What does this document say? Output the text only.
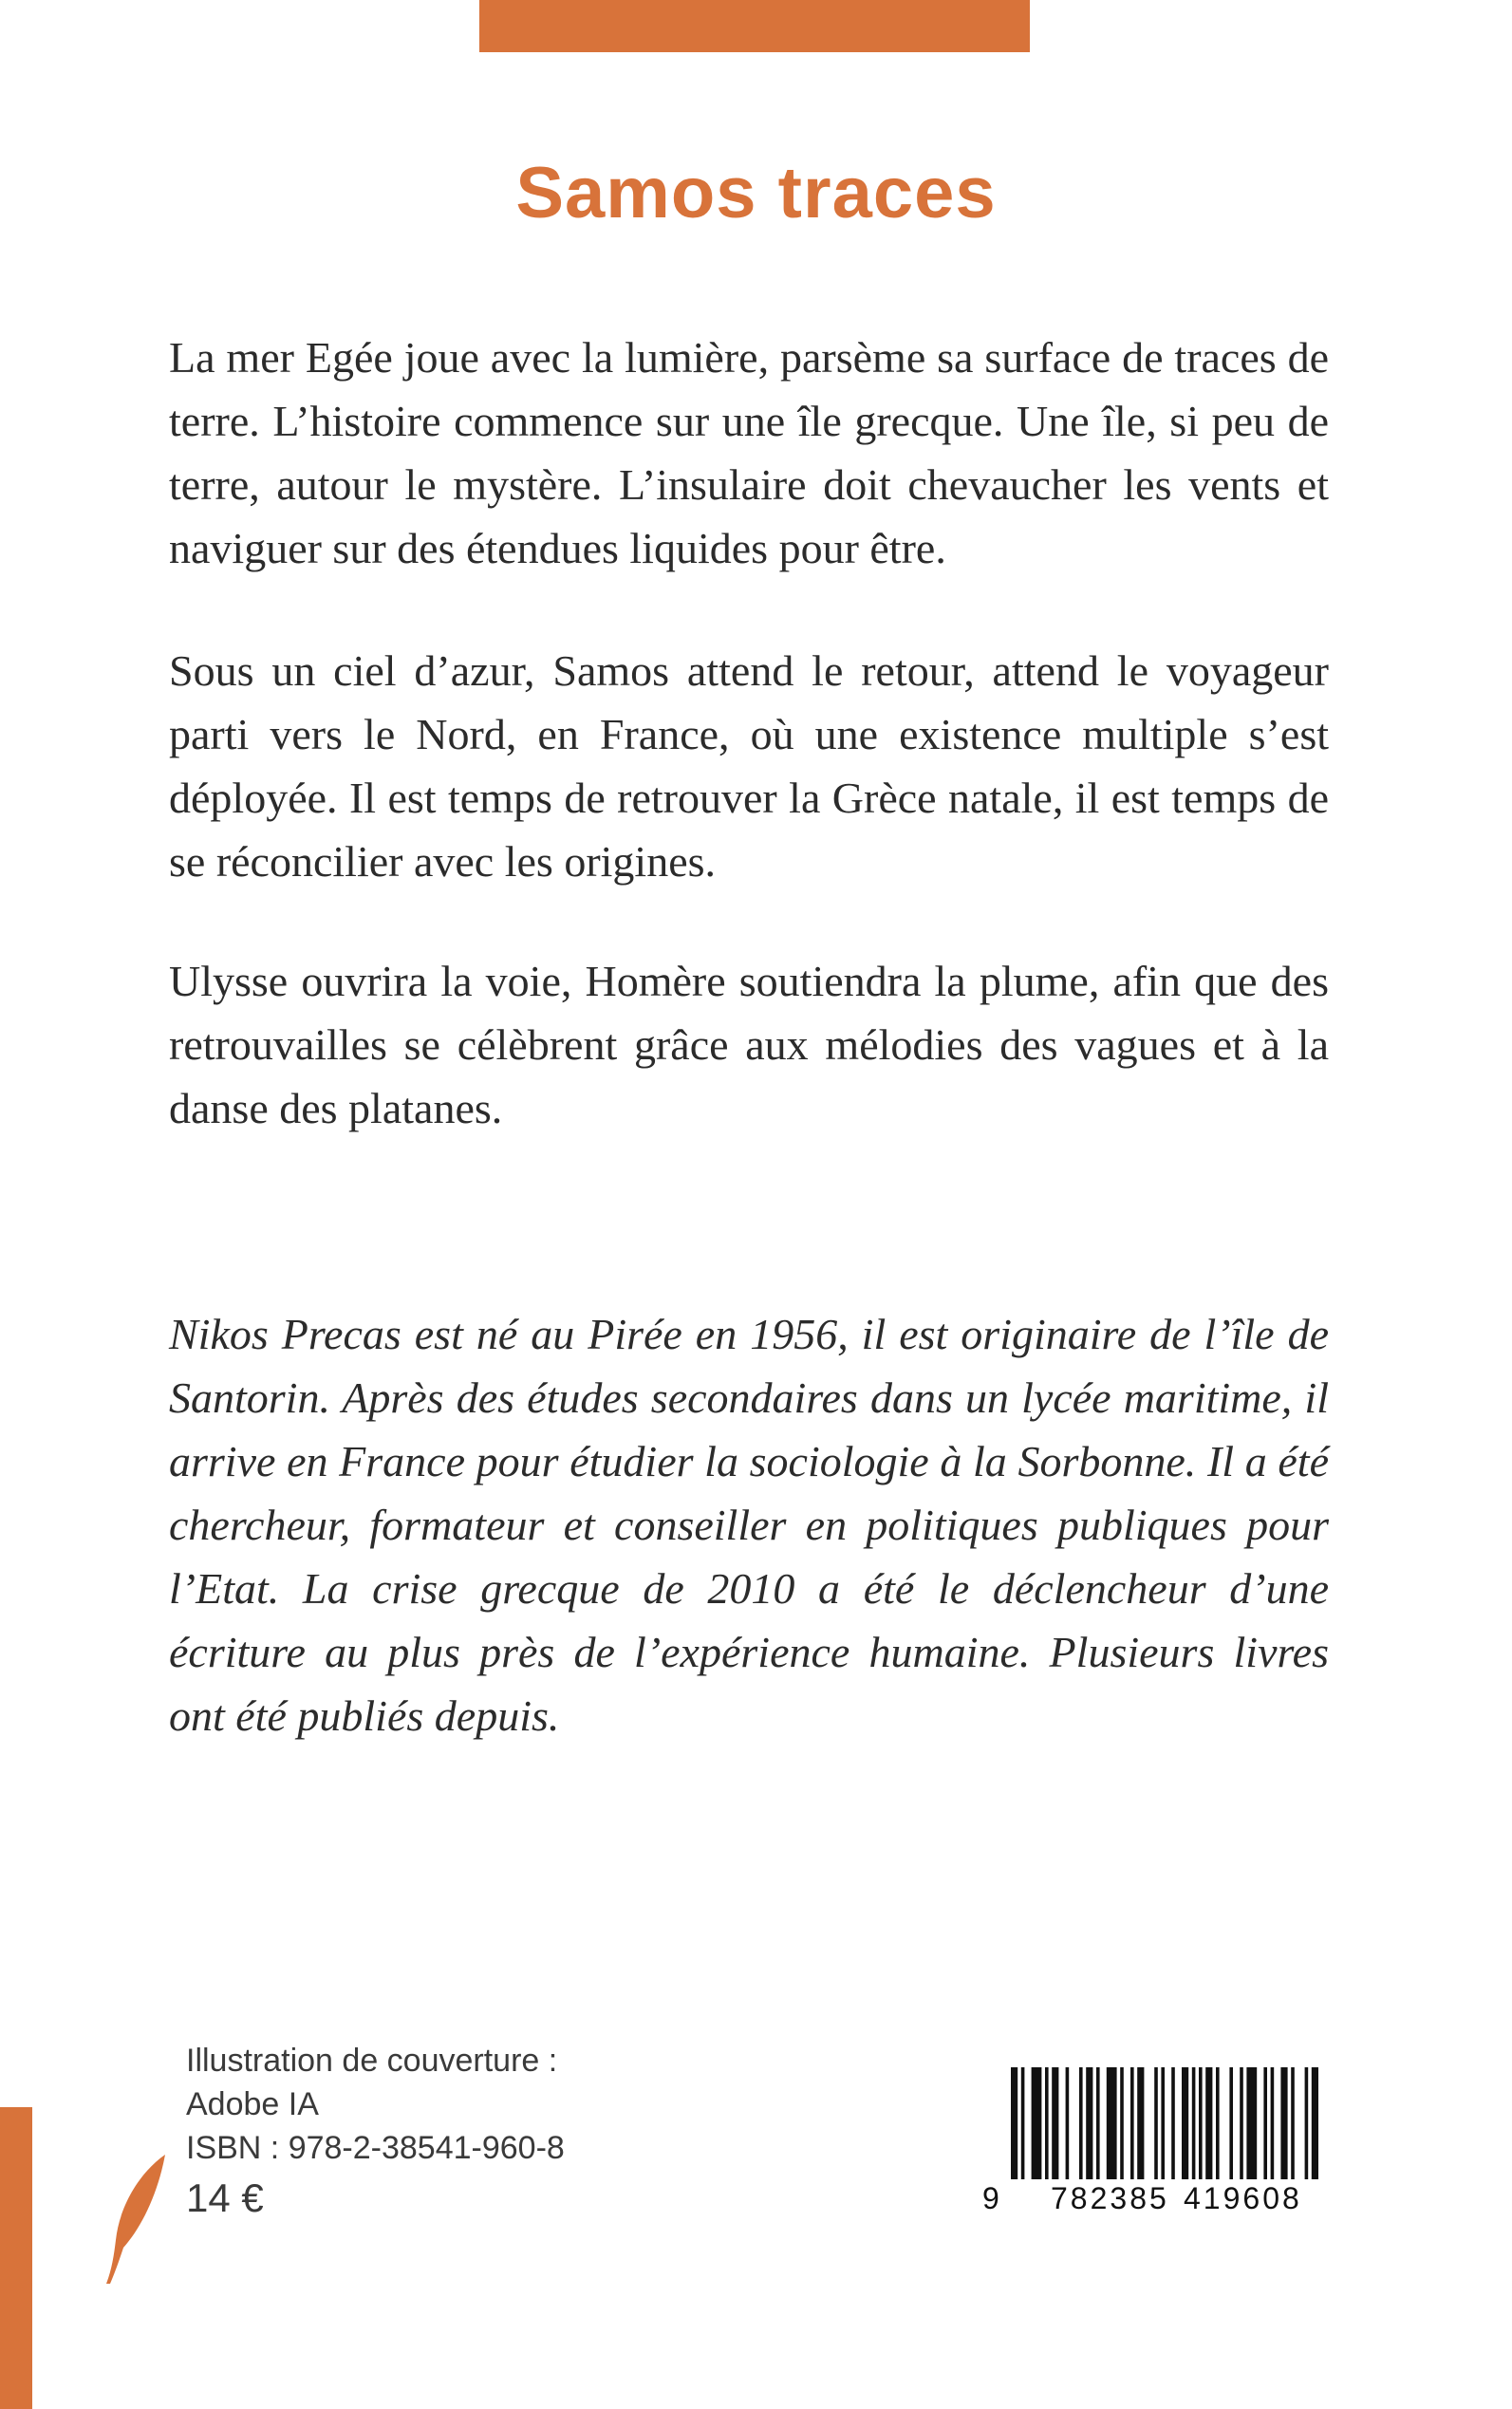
Samos traces

La mer Egée joue avec la lumière, parsème sa surface de traces de terre. L’histoire commence sur une île grecque. Une île, si peu de terre, autour le mystère. L’insulaire doit chevaucher les vents et naviguer sur des étendues liquides pour être.

Sous un ciel d’azur, Samos attend le retour, attend le voyageur parti vers le Nord, en France, où une existence multiple s’est déployée. Il est temps de retrouver la Grèce natale, il est temps de se réconcilier avec les origines.

Ulysse ouvrira la voie, Homère soutiendra la plume, afin que des retrouvailles se célèbrent grâce aux mélodies des vagues et à la danse des platanes.

Nikos Precas est né au Pirée en 1956, il est originaire de l’île de Santorin. Après des études secondaires dans un lycée maritime, il arrive en France pour étudier la sociologie à la Sorbonne. Il a été chercheur, formateur et conseiller en politiques publiques pour l’Etat. La crise grecque de 2010 a été le déclencheur d’une écriture au plus près de l’expérience humaine. Plusieurs livres ont été publiés depuis.

Illustration de couverture :
Adobe IA
ISBN : 978-2-38541-960-8
14 €	9 782385 419608
